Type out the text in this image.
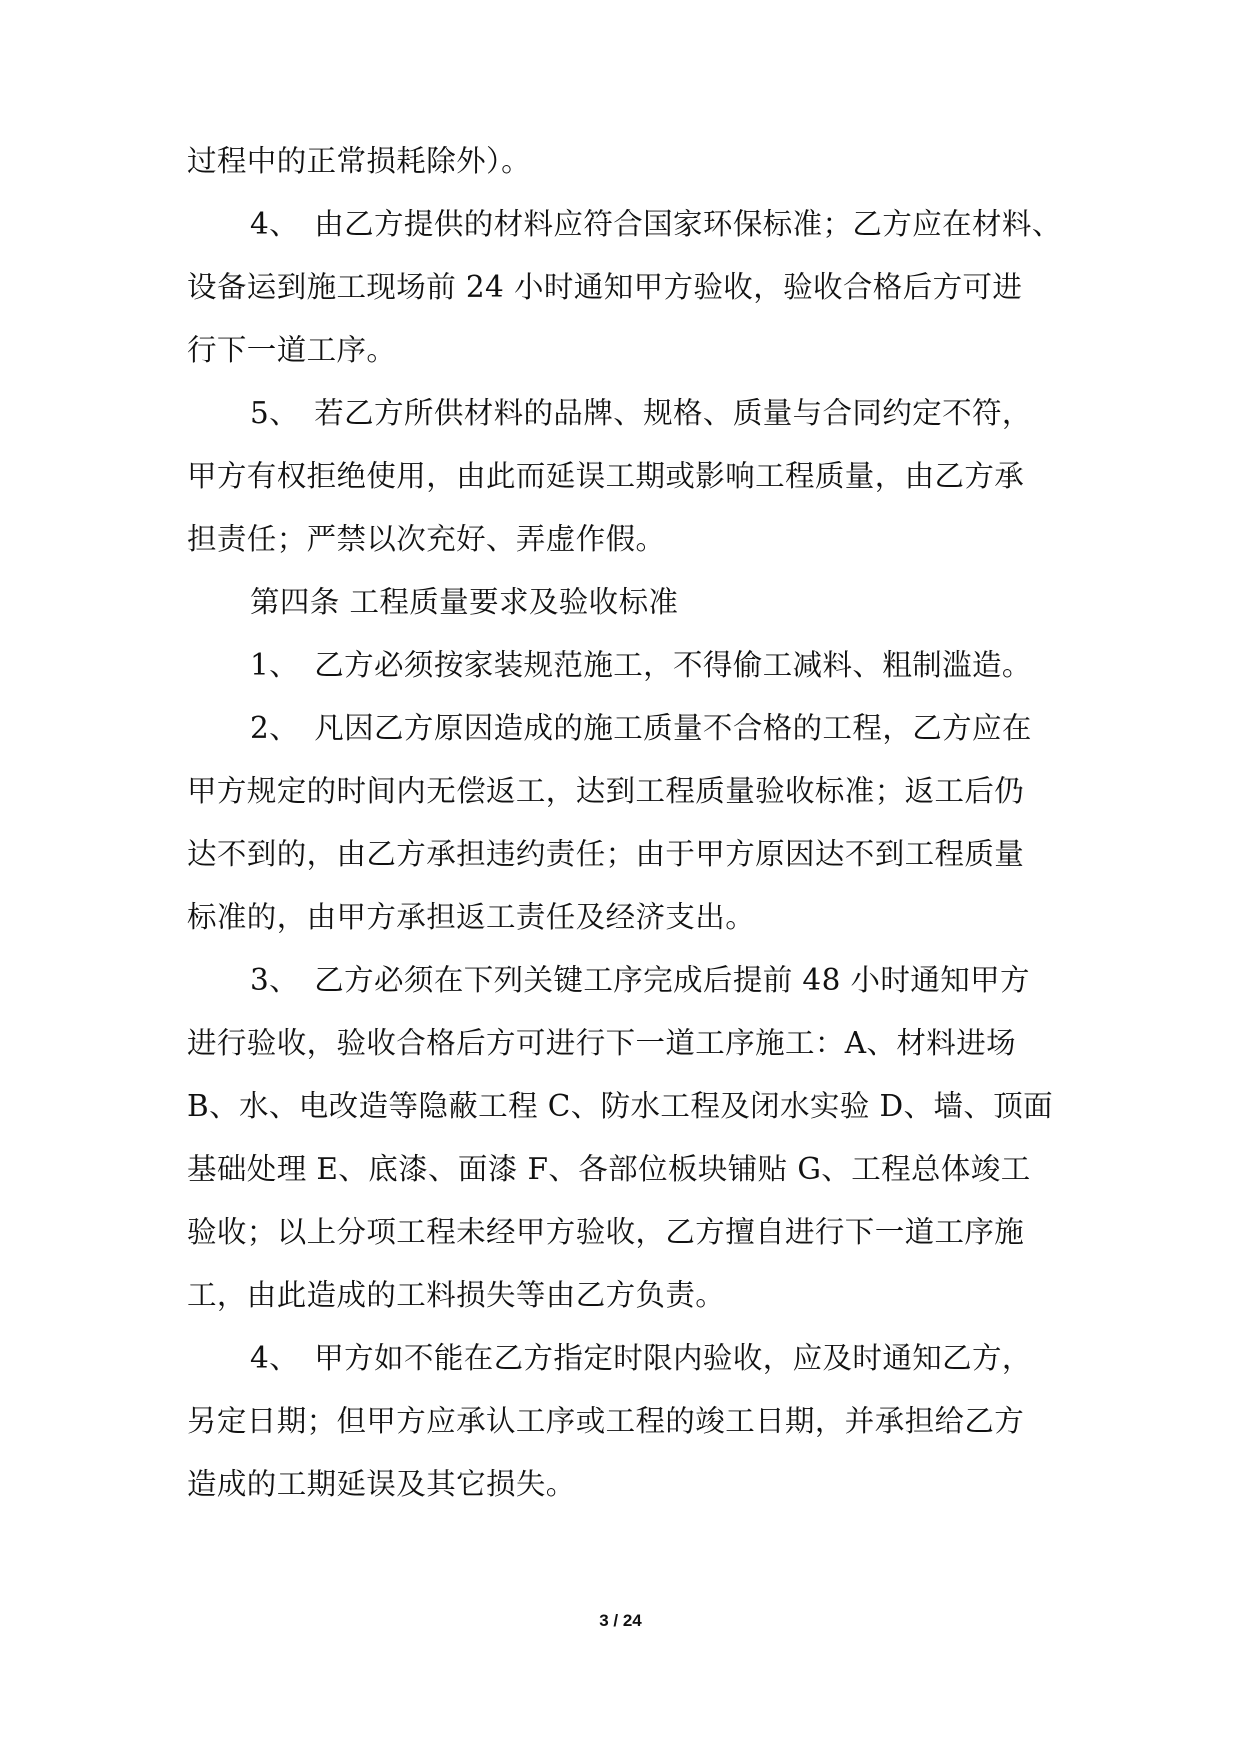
过程中的正常损耗除外）。
4、　由乙方提供的材料应符合国家环保标准；乙方应在材料、
设备运到施工现场前 24 小时通知甲方验收，验收合格后方可进
行下一道工序。
5、　若乙方所供材料的品牌、规格、质量与合同约定不符，
甲方有权拒绝使用，由此而延误工期或影响工程质量，由乙方承
担责任；严禁以次充好、弄虚作假。
第四条 工程质量要求及验收标准
1、　乙方必须按家装规范施工，不得偷工减料、粗制滥造。
2、　凡因乙方原因造成的施工质量不合格的工程，乙方应在
甲方规定的时间内无偿返工，达到工程质量验收标准；返工后仍
达不到的，由乙方承担违约责任；由于甲方原因达不到工程质量
标准的，由甲方承担返工责任及经济支出。
3、　乙方必须在下列关键工序完成后提前 48 小时通知甲方
进行验收，验收合格后方可进行下一道工序施工：A、材料进场
B、水、电改造等隐蔽工程 C、防水工程及闭水实验 D、墙、顶面
基础处理 E、底漆、面漆 F、各部位板块铺贴 G、工程总体竣工
验收；以上分项工程未经甲方验收，乙方擅自进行下一道工序施
工，由此造成的工料损失等由乙方负责。
4、　甲方如不能在乙方指定时限内验收，应及时通知乙方，
另定日期；但甲方应承认工序或工程的竣工日期，并承担给乙方
造成的工期延误及其它损失。
3 / 24
